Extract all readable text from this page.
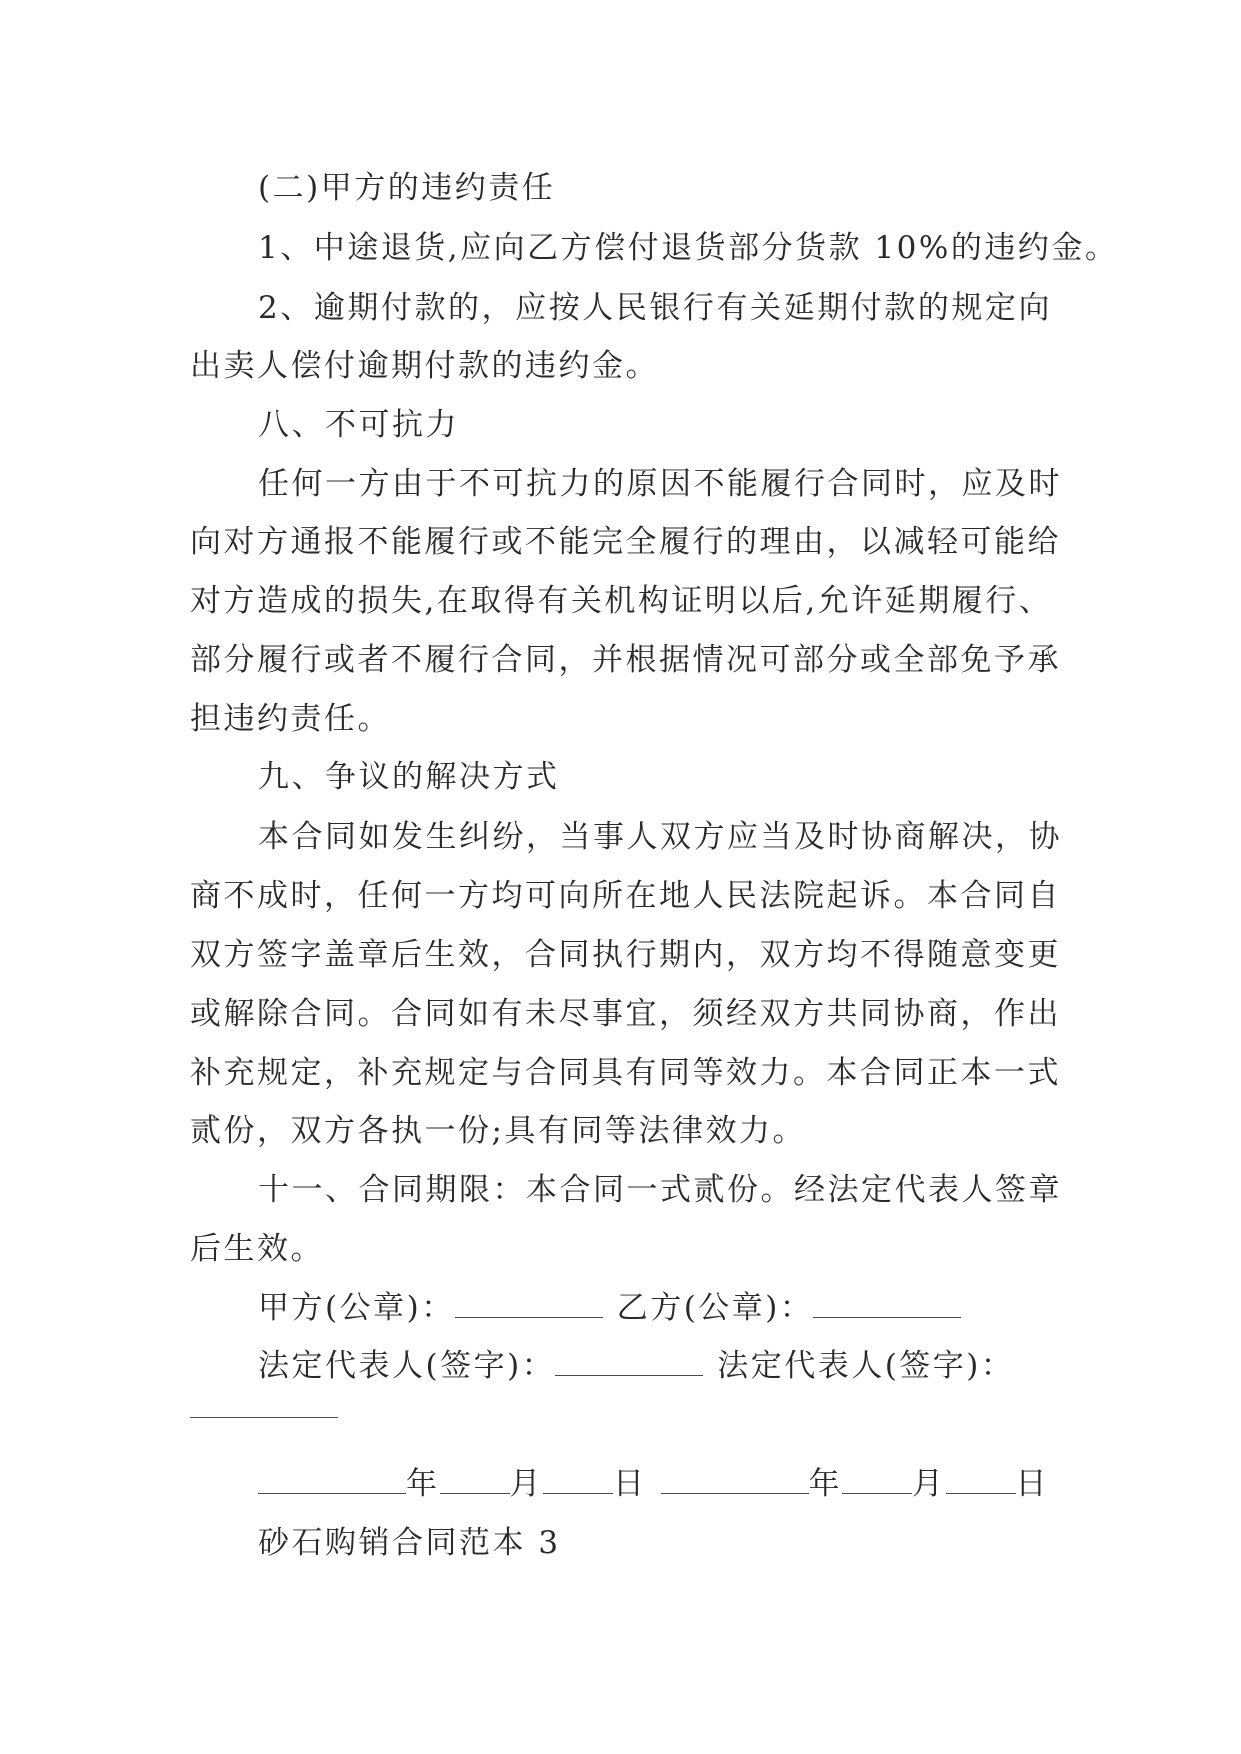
(二)甲方的违约责任
1、中途退货,应向乙方偿付退货部分货款 10%的违约金。
2、逾期付款的，应按人民银行有关延期付款的规定向
出卖人偿付逾期付款的违约金。
八、不可抗力
任何一方由于不可抗力的原因不能履行合同时，应及时
向对方通报不能履行或不能完全履行的理由，以减轻可能给
对方造成的损失,在取得有关机构证明以后,允许延期履行、
部分履行或者不履行合同，并根据情况可部分或全部免予承
担违约责任。
九、争议的解决方式
本合同如发生纠纷，当事人双方应当及时协商解决，协
商不成时，任何一方均可向所在地人民法院起诉。本合同自
双方签字盖章后生效，合同执行期内，双方均不得随意变更
或解除合同。合同如有未尽事宜，须经双方共同协商，作出
补充规定，补充规定与合同具有同等效力。本合同正本一式
贰份，双方各执一份;具有同等法律效力。
十一、合同期限：本合同一式贰份。经法定代表人签章
后生效。
甲方(公章)：	乙方(公章)：
法定代表人(签字)：	法定代表人(签字)：
年 月 日	年 月 日
砂石购销合同范本 3
